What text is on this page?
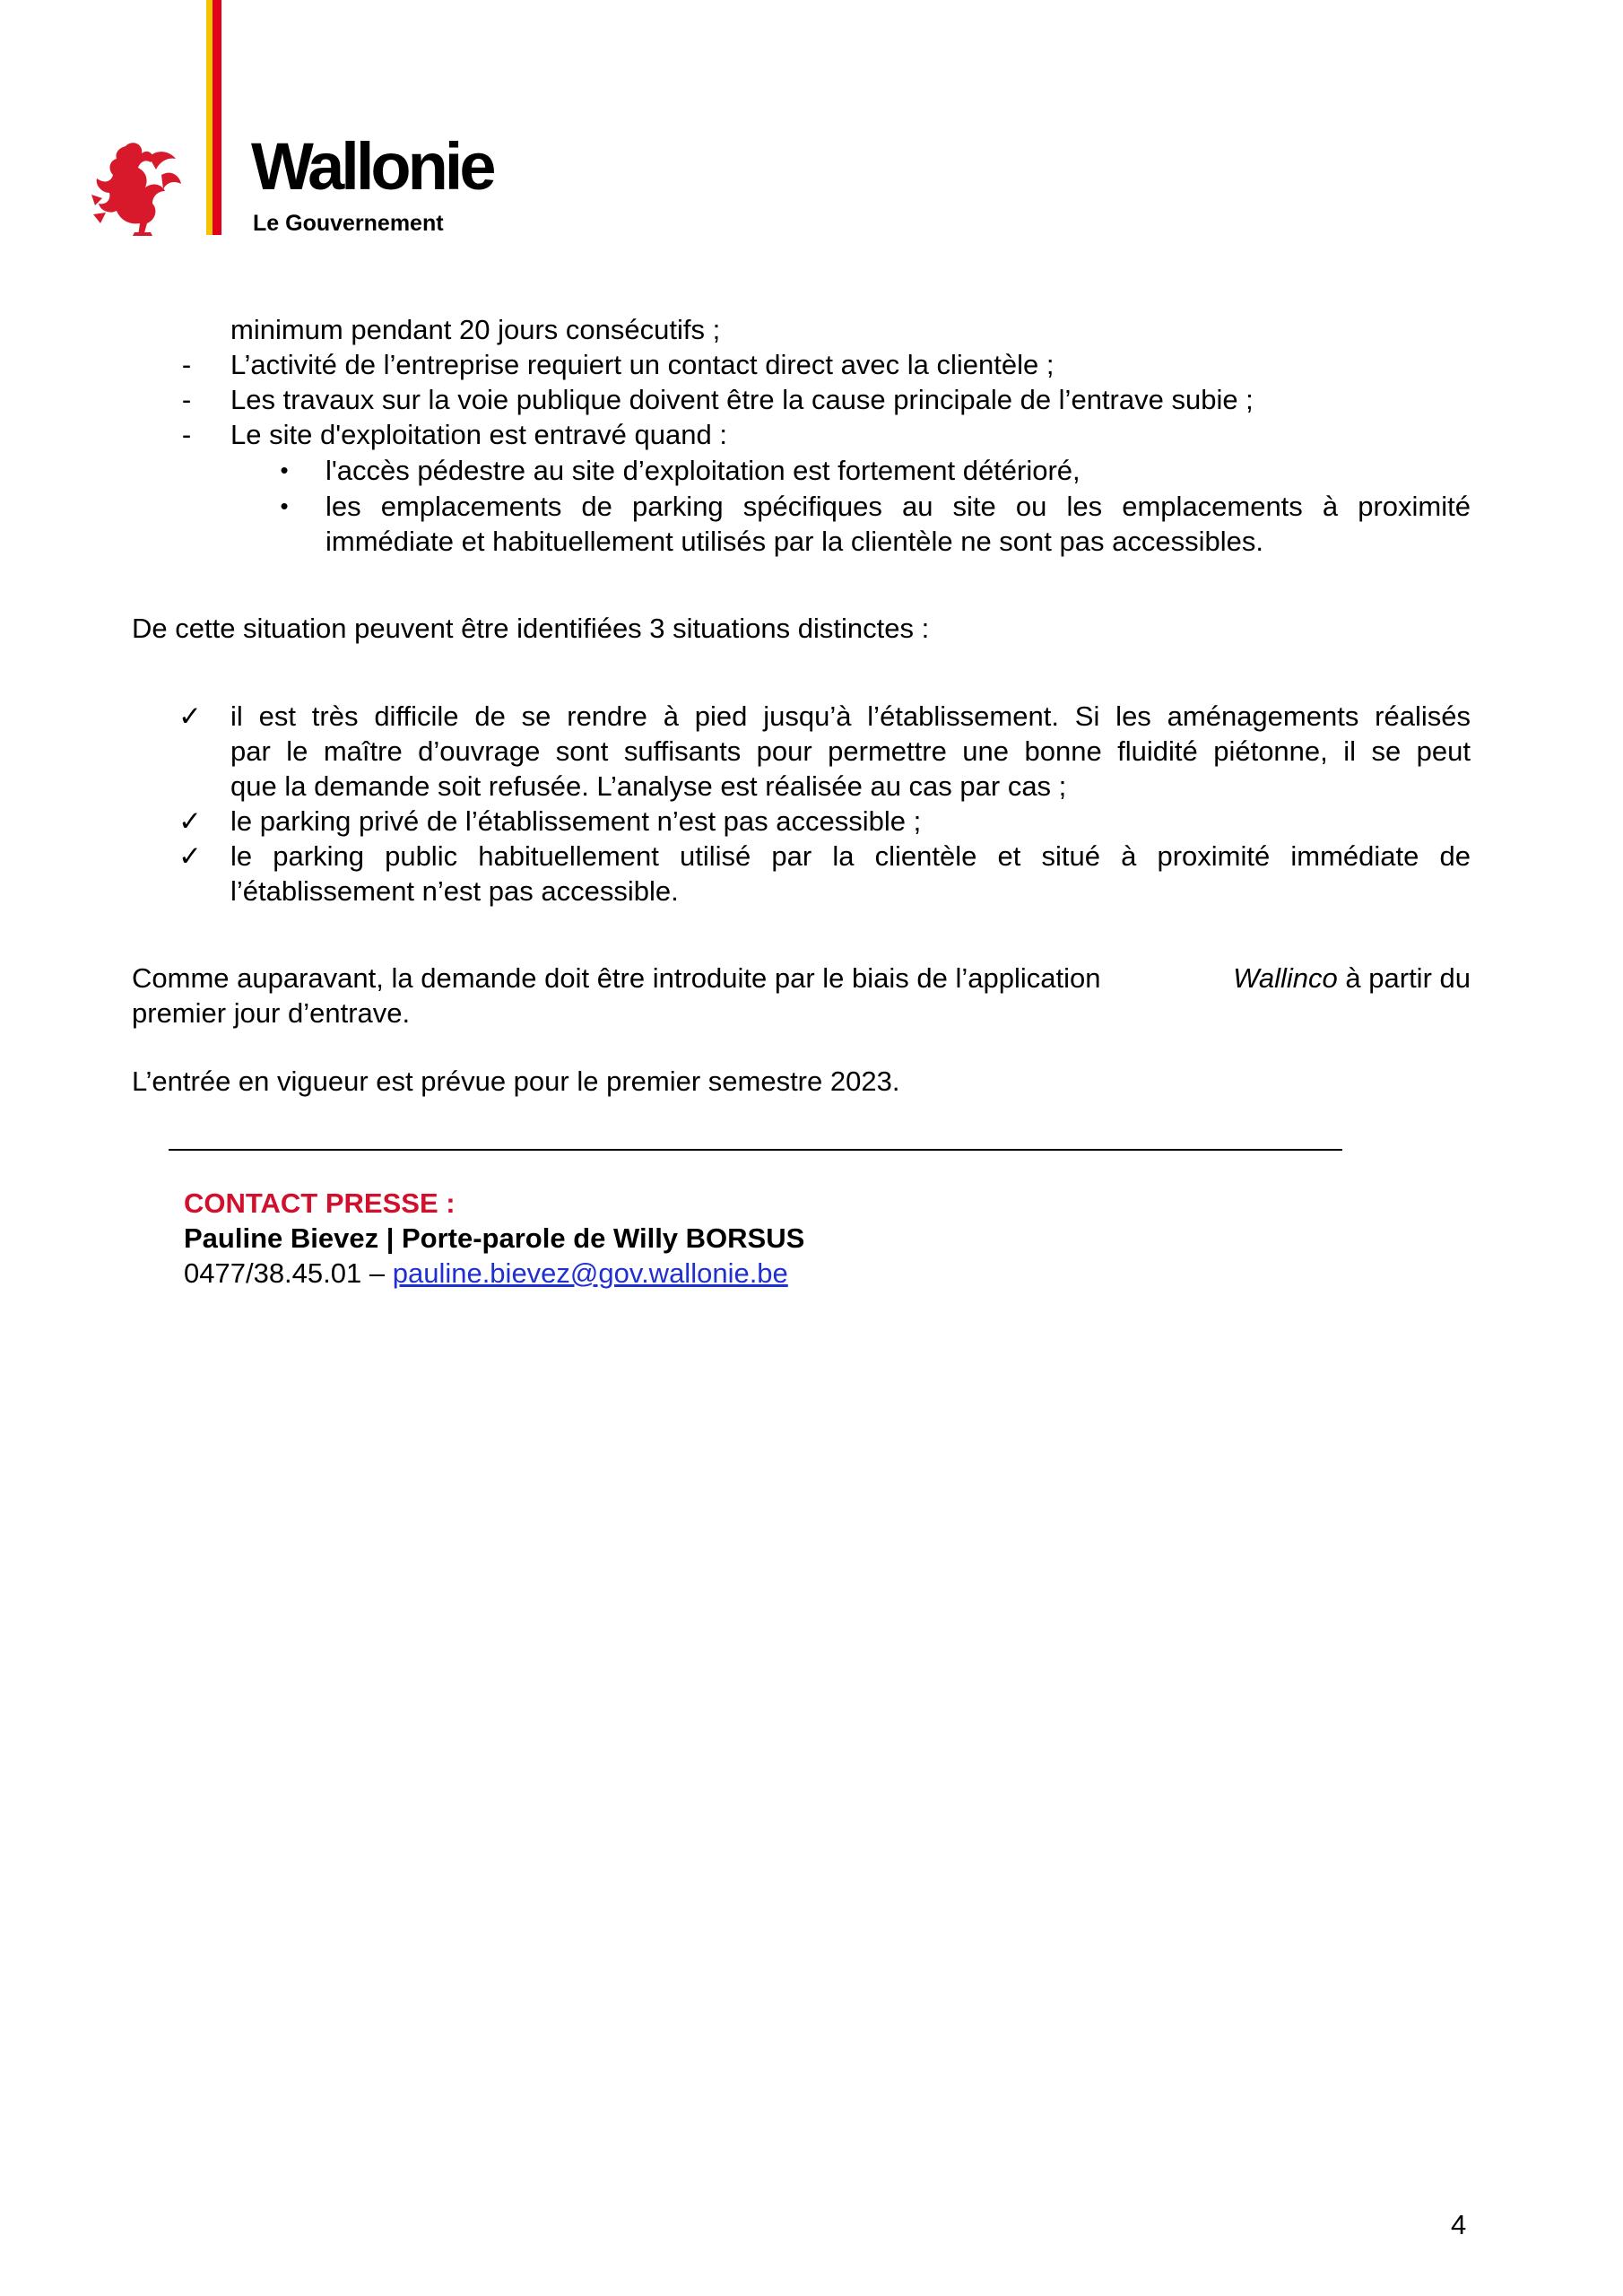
Wallonie
Le Gouvernement
minimum pendant 20 jours consécutifs ;
- L’activité de l’entreprise requiert un contact direct avec la clientèle ;
- Les travaux sur la voie publique doivent être la cause principale de l’entrave subie ;
- Le site d'exploitation est entravé quand :
• l'accès pédestre au site d’exploitation est fortement détérioré,
• les emplacements de parking spécifiques au site ou les emplacements à proximité
immédiate et habituellement utilisés par la clientèle ne sont pas accessibles.
De cette situation peuvent être identifiées 3 situations distinctes :
✓ il est très difficile de se rendre à pied jusqu’à l’établissement. Si les aménagements réalisés
par le maître d’ouvrage sont suffisants pour permettre une bonne fluidité piétonne, il se peut
que la demande soit refusée. L’analyse est réalisée au cas par cas ;
✓ le parking privé de l’établissement n’est pas accessible ;
✓ le parking public habituellement utilisé par la clientèle et situé à proximité immédiate de
l’établissement n’est pas accessible.
Comme auparavant, la demande doit être introduite par le biais de l’application	Wallinco à partir du
premier jour d’entrave.
L’entrée en vigueur est prévue pour le premier semestre 2023.
CONTACT PRESSE :
Pauline Bievez | Porte-parole de Willy BORSUS
0477/38.45.01 – pauline.bievez@gov.wallonie.be
4
